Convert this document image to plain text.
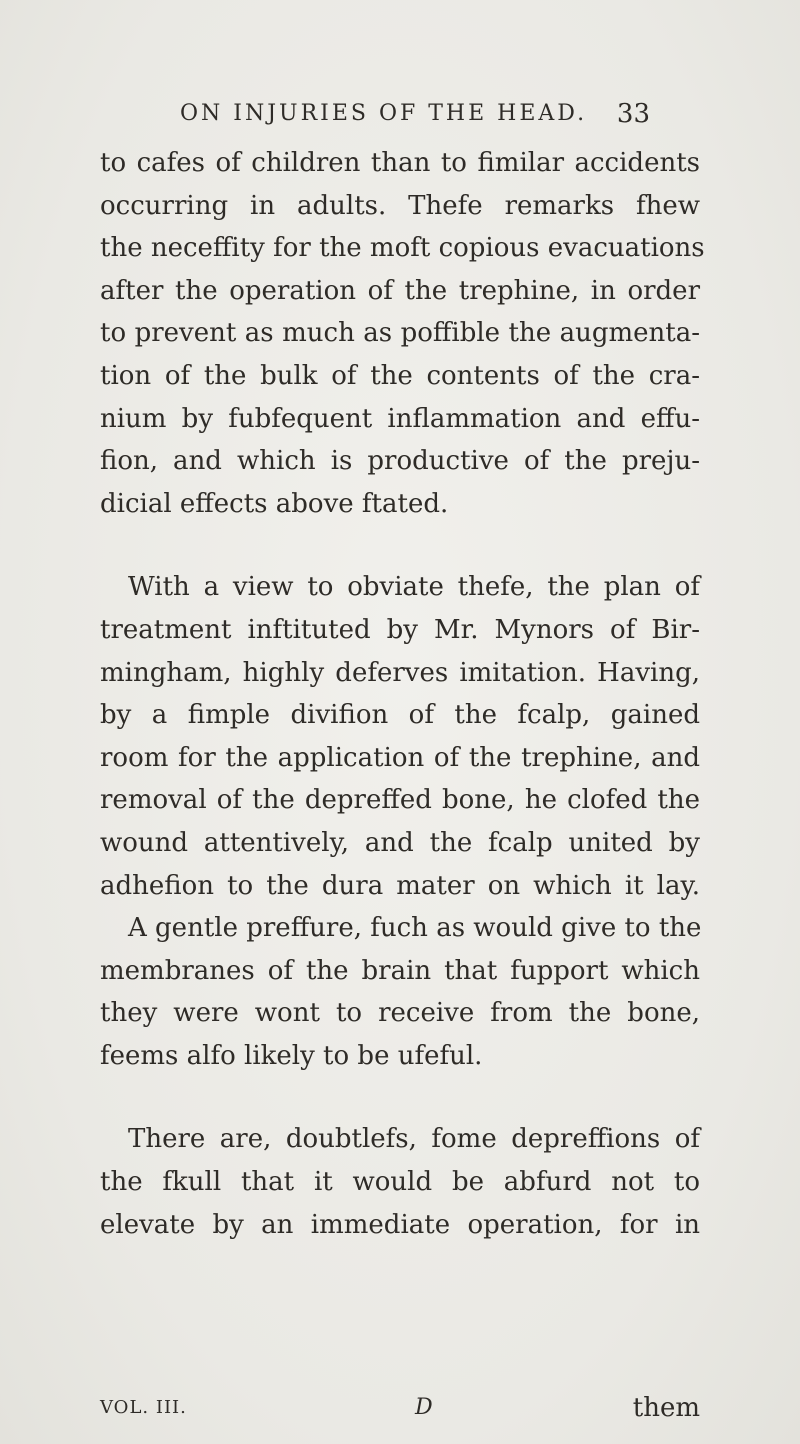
ON INJURIES OF THE HEAD. 33
to cafes of children than to fimilar accidents
occurring in adults. Thefe remarks fhew
the neceffity for the moft copious evacuations
after the operation of the trephine, in order
to prevent as much as poffible the augmenta-
tion of the bulk of the contents of the cra-
nium by fubfequent inflammation and effu-
fion, and which is productive of the preju-
dicial effects above ftated.
With a view to obviate thefe, the plan of
treatment inftituted by Mr. Mynors of Bir-
mingham, highly deferves imitation. Having,
by a fimple divifion of the fcalp, gained
room for the application of the trephine, and
removal of the depreffed bone, he clofed the
wound attentively, and the fcalp united by
adhefion to the dura mater on which it lay.
A gentle preffure, fuch as would give to the
membranes of the brain that fupport which
they were wont to receive from the bone,
feems alfo likely to be ufeful.
There are, doubtlefs, fome depreffions of
the fkull that it would be abfurd not to
elevate by an immediate operation, for in
VOL. III.	D	them
